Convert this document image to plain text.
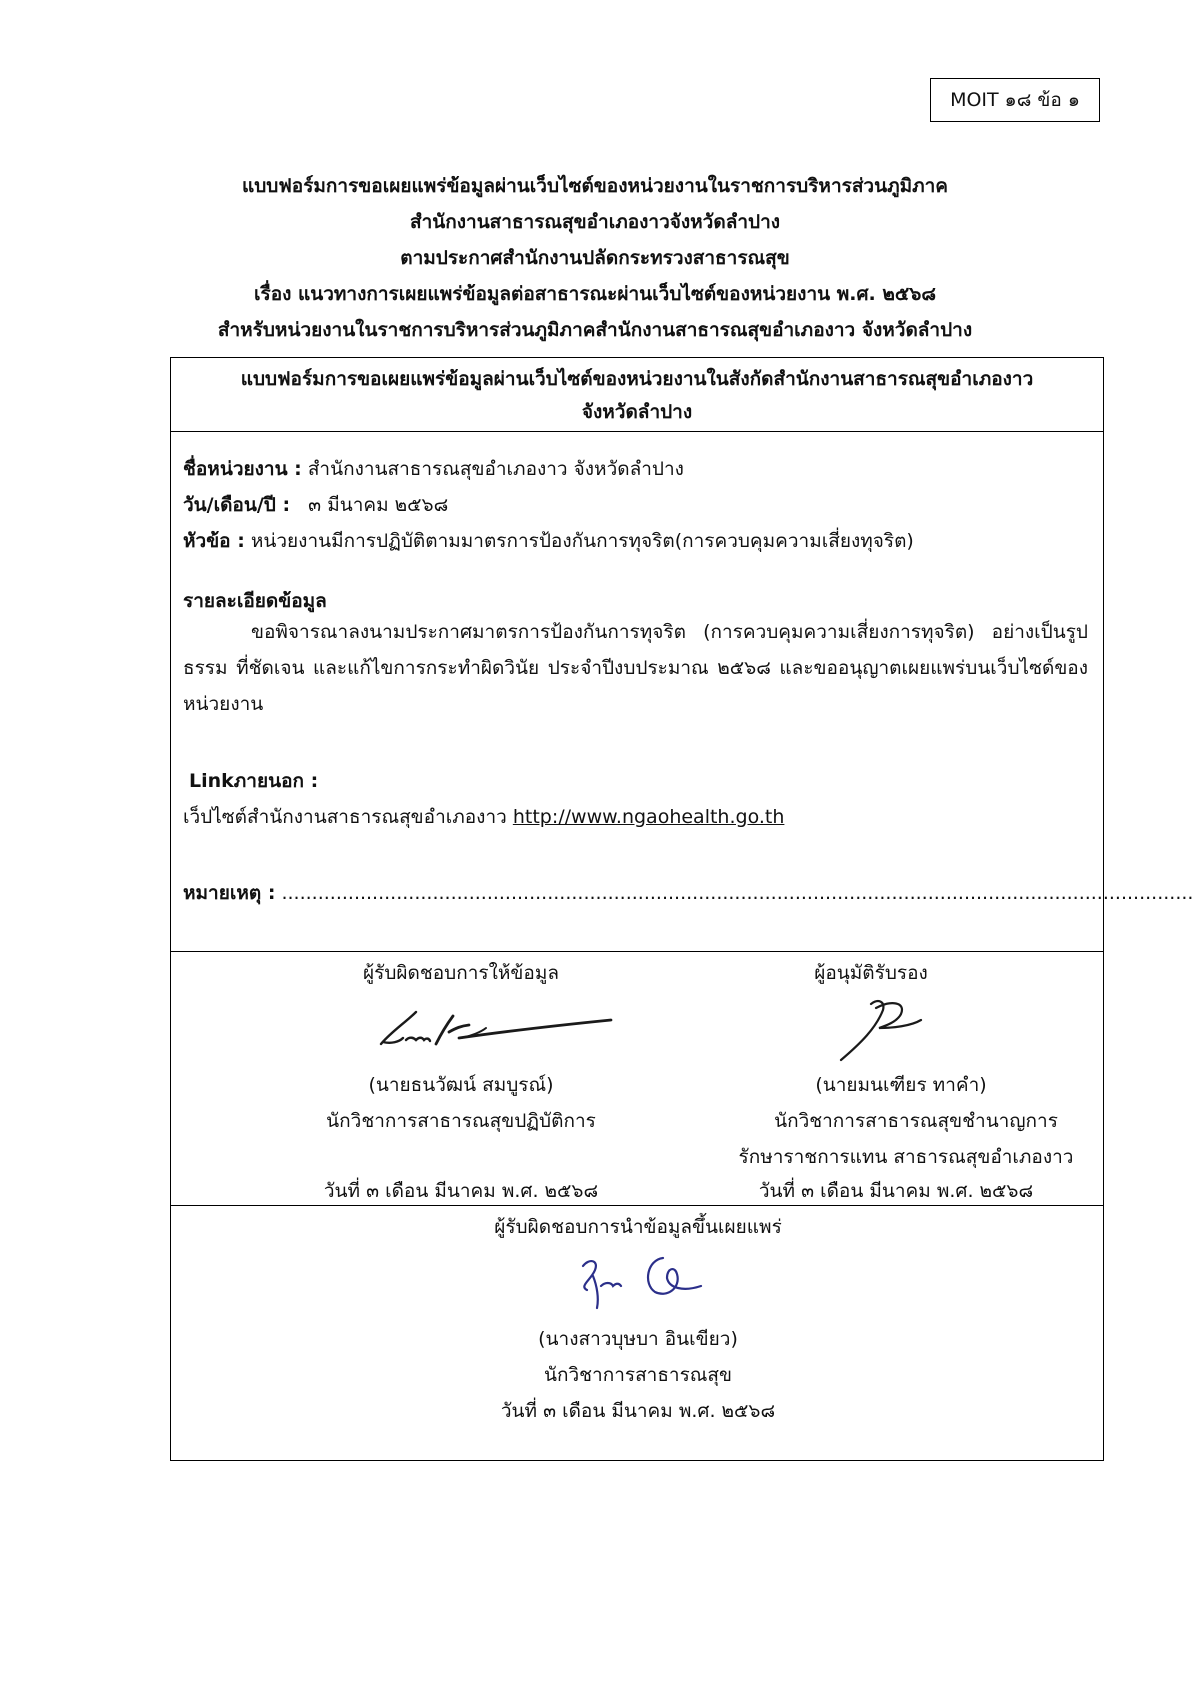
MOIT ๑๘ ข้อ ๑
แบบฟอร์มการขอเผยแพร่ข้อมูลผ่านเว็บไซต์ของหน่วยงานในราชการบริหารส่วนภูมิภาค
สำนักงานสาธารณสุขอำเภองาวจังหวัดลำปาง
ตามประกาศสำนักงานปลัดกระทรวงสาธารณสุข
เรื่อง แนวทางการเผยแพร่ข้อมูลต่อสาธารณะผ่านเว็บไซต์ของหน่วยงาน พ.ศ. ๒๕๖๘
สำหรับหน่วยงานในราชการบริหารส่วนภูมิภาคสำนักงานสาธารณสุขอำเภองาว จังหวัดลำปาง
แบบฟอร์มการขอเผยแพร่ข้อมูลผ่านเว็บไซต์ของหน่วยงานในสังกัดสำนักงานสาธารณสุขอำเภองาว
จังหวัดลำปาง
ชื่อหน่วยงาน : สำนักงานสาธารณสุขอำเภองาว จังหวัดลำปาง
วัน/เดือน/ปี : ๓ มีนาคม ๒๕๖๘
หัวข้อ : หน่วยงานมีการปฏิบัติตามมาตรการป้องกันการทุจริต(การควบคุมความเสี่ยงทุจริต)
รายละเอียดข้อมูล
ขอพิจารณาลงนามประกาศมาตรการป้องกันการทุจริต (การควบคุมความเสี่ยงการทุจริต) อย่างเป็นรูปธรรม ที่ชัดเจน และแก้ไขการกระทำผิดวินัย ประจำปีงบประมาณ ๒๕๖๘ และขออนุญาตเผยแพร่บนเว็บไซด์ของหน่วยงาน
Linkภายนอก :
เว็ปไซต์สำนักงานสาธารณสุขอำเภองาว http://www.ngaohealth.go.th
หมายเหตุ : .......................................................................................................................................................
ผู้รับผิดชอบการให้ข้อมูล
(นายธนวัฒน์ สมบูรณ์)
นักวิชาการสาธารณสุขปฏิบัติการ
วันที่ ๓ เดือน มีนาคม พ.ศ. ๒๕๖๘
ผู้อนุมัติรับรอง
(นายมนเฑียร ทาคำ)
นักวิชาการสาธารณสุขชำนาญการ
รักษาราชการแทน สาธารณสุขอำเภองาว
วันที่ ๓ เดือน มีนาคม พ.ศ. ๒๕๖๘
ผู้รับผิดชอบการนำข้อมูลขึ้นเผยแพร่
(นางสาวบุษบา อินเขียว)
นักวิชาการสาธารณสุข
วันที่ ๓ เดือน มีนาคม พ.ศ. ๒๕๖๘
